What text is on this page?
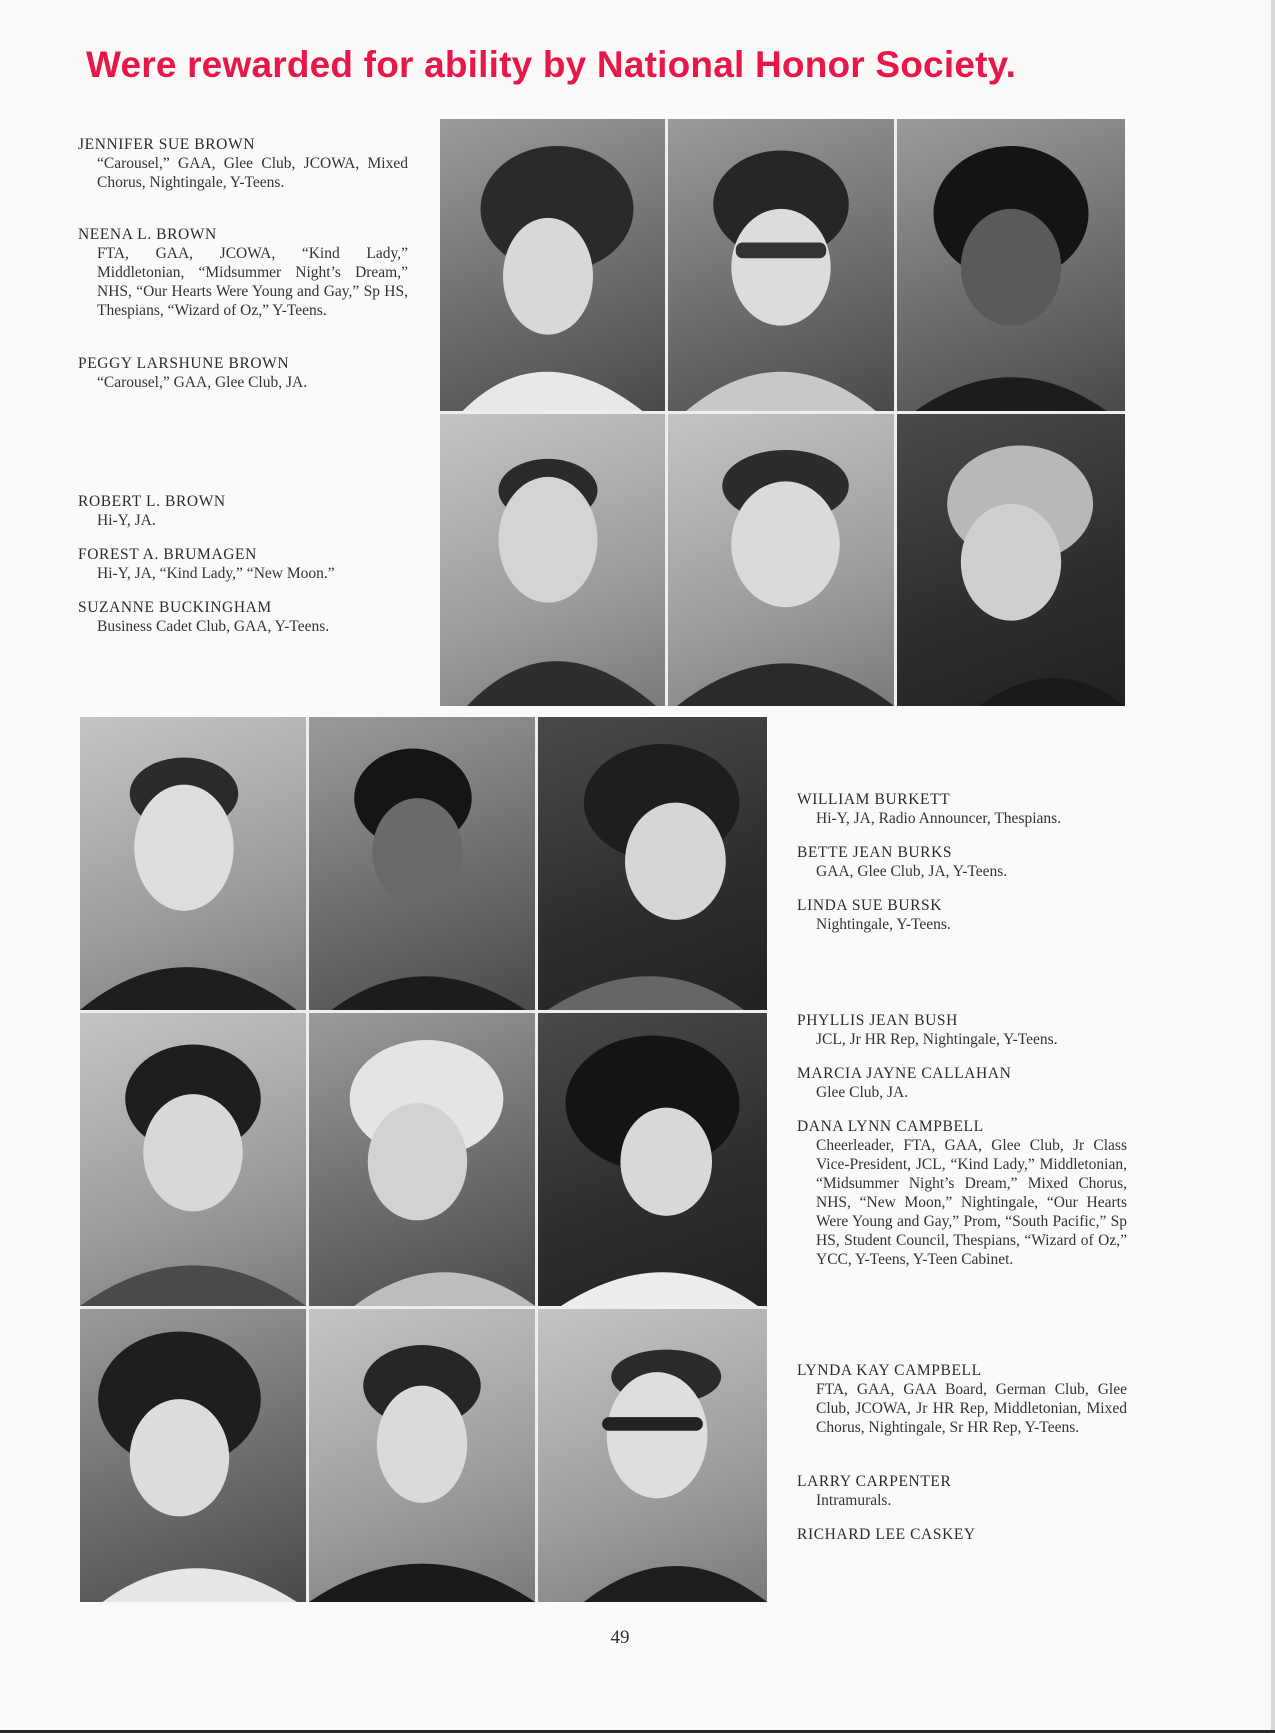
Were rewarded for ability by National Honor Society.
JENNIFER SUE BROWN
“Carousel,” GAA, Glee Club, JCOWA, Mixed Chorus, Nightingale, Y-Teens.
NEENA L. BROWN
FTA, GAA, JCOWA, “Kind Lady,” Middletonian, “Midsummer Night’s Dream,” NHS, “Our Hearts Were Young and Gay,” Sp HS, Thespians, “Wizard of Oz,” Y-Teens.
PEGGY LARSHUNE BROWN
“Carousel,” GAA, Glee Club, JA.
ROBERT L. BROWN
Hi-Y, JA.
FOREST A. BRUMAGEN
Hi-Y, JA, “Kind Lady,” “New Moon.”
SUZANNE BUCKINGHAM
Business Cadet Club, GAA, Y-Teens.
WILLIAM BURKETT
Hi-Y, JA, Radio Announcer, Thespians.
BETTE JEAN BURKS
GAA, Glee Club, JA, Y-Teens.
LINDA SUE BURSK
Nightingale, Y-Teens.
PHYLLIS JEAN BUSH
JCL, Jr HR Rep, Nightingale, Y-Teens.
MARCIA JAYNE CALLAHAN
Glee Club, JA.
DANA LYNN CAMPBELL
Cheerleader, FTA, GAA, Glee Club, Jr Class Vice-President, JCL, “Kind Lady,” Middletonian, “Midsummer Night’s Dream,” Mixed Chorus, NHS, “New Moon,” Nightingale, “Our Hearts Were Young and Gay,” Prom, “South Pacific,” Sp HS, Student Council, Thespians, “Wizard of Oz,” YCC, Y-Teens, Y-Teen Cabinet.
LYNDA KAY CAMPBELL
FTA, GAA, GAA Board, German Club, Glee Club, JCOWA, Jr HR Rep, Middletonian, Mixed Chorus, Nightingale, Sr HR Rep, Y-Teens.
LARRY CARPENTER
Intramurals.
RICHARD LEE CASKEY
49
